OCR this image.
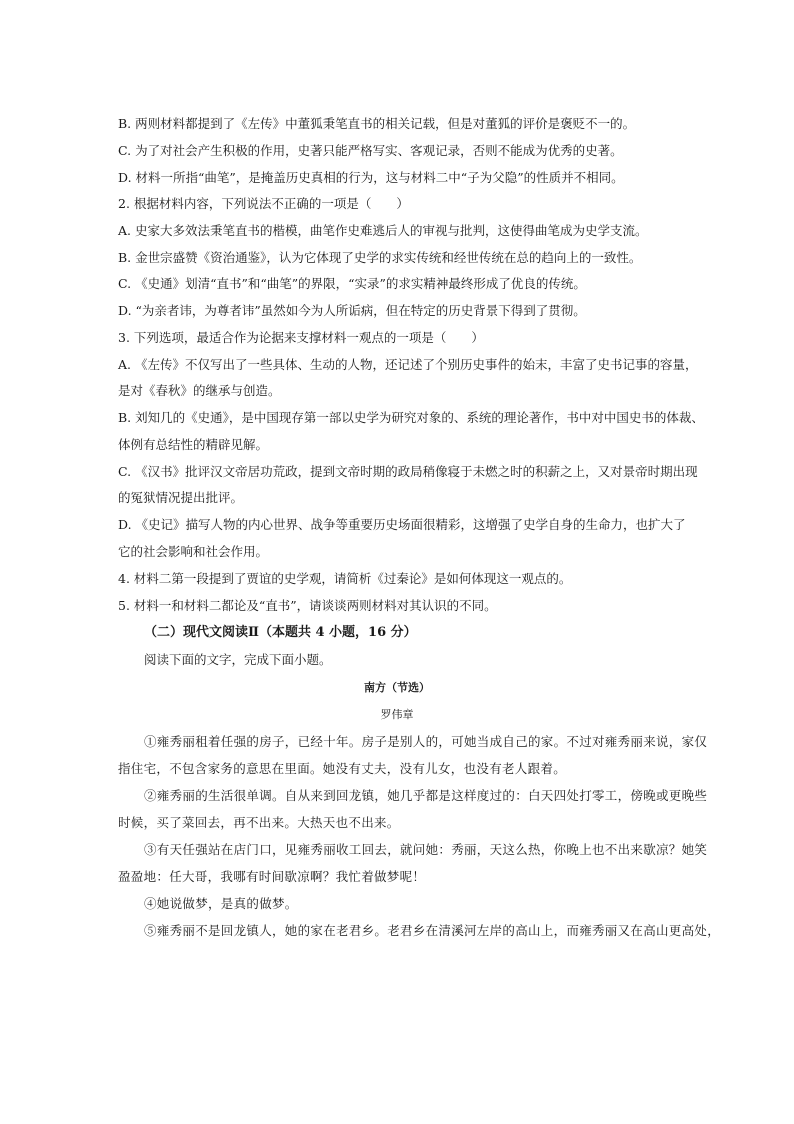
B. 两则材料都提到了《左传》中董狐秉笔直书的相关记载，但是对董狐的评价是褒贬不一的。
C. 为了对社会产生积极的作用，史著只能严格写实、客观记录，否则不能成为优秀的史著。
D. 材料一所指“曲笔”，是掩盖历史真相的行为，这与材料二中“子为父隐”的性质并不相同。
2. 根据材料内容，下列说法不正确的一项是（　　）
A. 史家大多效法秉笔直书的楷模，曲笔作史难逃后人的审视与批判，这使得曲笔成为史学支流。
B. 金世宗盛赞《资治通鉴》，认为它体现了史学的求实传统和经世传统在总的趋向上的一致性。
C. 《史通》划清“直书”和“曲笔”的界限，“实录”的求实精神最终形成了优良的传统。
D. “为亲者讳，为尊者讳”虽然如今为人所诟病，但在特定的历史背景下得到了贯彻。
3. 下列选项，最适合作为论据来支撑材料一观点的一项是（　　）
A. 《左传》不仅写出了一些具体、生动的人物，还记述了个别历史事件的始末，丰富了史书记事的容量，
是对《春秋》的继承与创造。
B. 刘知几的《史通》，是中国现存第一部以史学为研究对象的、系统的理论著作，书中对中国史书的体裁、
体例有总结性的精辟见解。
C. 《汉书》批评汉文帝居功荒政，提到文帝时期的政局稍像寝于未燃之时的积薪之上，又对景帝时期出现
的冤狱情况提出批评。
D. 《史记》描写人物的内心世界、战争等重要历史场面很精彩，这增强了史学自身的生命力，也扩大了
它的社会影响和社会作用。
4. 材料二第一段提到了贾谊的史学观，请简析《过秦论》是如何体现这一观点的。
5. 材料一和材料二都论及“直书”，请谈谈两则材料对其认识的不同。
（二）现代文阅读Ⅱ（本题共 4 小题，16 分）
阅读下面的文字，完成下面小题。
南方（节选）
罗伟章
①雍秀丽租着任强的房子，已经十年。房子是别人的，可她当成自己的家。不过对雍秀丽来说，家仅
指住宅，不包含家务的意思在里面。她没有丈夫，没有儿女，也没有老人跟着。
②雍秀丽的生活很单调。自从来到回龙镇，她几乎都是这样度过的：白天四处打零工，傍晚或更晚些
时候，买了菜回去，再不出来。大热天也不出来。
③有天任强站在店门口，见雍秀丽收工回去，就问她：秀丽，天这么热，你晚上也不出来歇凉？她笑
盈盈地：任大哥，我哪有时间歇凉啊？我忙着做梦呢！
④她说做梦，是真的做梦。
⑤雍秀丽不是回龙镇人，她的家在老君乡。老君乡在清溪河左岸的高山上，而雍秀丽又在高山更高处，
